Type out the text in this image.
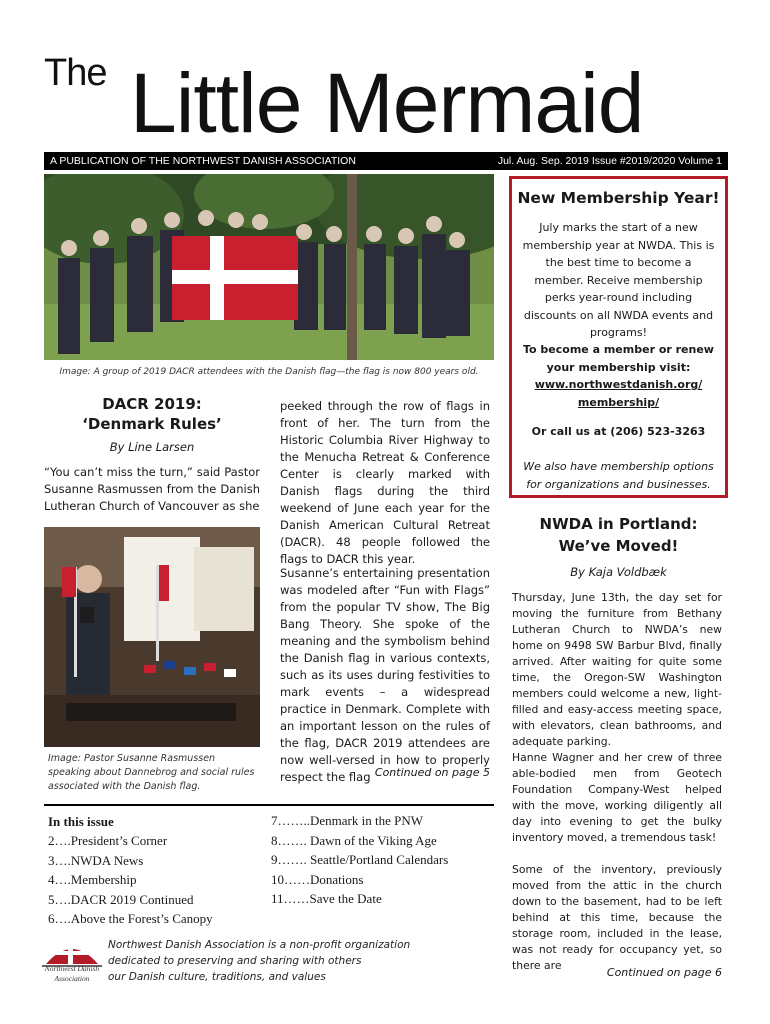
The Little Mermaid
A PUBLICATION OF THE NORTHWEST DANISH ASSOCIATION	Jul. Aug. Sep. 2019 Issue #2019/2020 Volume 1
Image: A group of 2019 DACR attendees with the Danish flag—the flag is now 800 years old.
DACR 2019:
‘Denmark Rules’
By Line Larsen
“You can’t miss the turn,” said Pastor Susanne Rasmussen from the Danish Lutheran Church of Vancouver as she
peeked through the row of flags in front of her. The turn from the Historic Columbia River Highway to the Menucha Retreat & Conference Center is clearly marked with Danish flags during the third weekend of June each year for the Danish American Cultural Retreat (DACR). 48 people followed the flags to DACR this year.
Susanne’s entertaining presentation was modeled after “Fun with Flags” from the popular TV show, The Big Bang Theory. She spoke of the meaning and the symbolism behind the Danish flag in various contexts, such as its uses during festivities to mark events – a widespread practice in Denmark. Complete with an important lesson on the rules of the flag, DACR 2019 attendees are now well-versed in how to properly respect the flag Continued on page 5
Image: Pastor Susanne Rasmussen speaking about Dannebrog and social rules associated with the Danish flag.
In this issue
2….President’s Corner
3….NWDA News
4….Membership
5….DACR 2019 Continued
6….Above the Forest’s Canopy
7……..Denmark in the PNW
8……. Dawn of the Viking Age
9……. Seattle/Portland Calendars
10……Donations
11……Save the Date
Northwest Danish
Association
Northwest Danish Association is a non-profit organization
dedicated to preserving and sharing with others
our Danish culture, traditions, and values
New Membership Year!
July marks the start of a new membership year at NWDA. This is the best time to become a member. Receive membership perks year-round including discounts on all NWDA events and programs!
To become a member or renew your membership visit:
www.northwestdanish.org/
membership/
Or call us at (206) 523-3263
We also have membership options for organizations and businesses.
NWDA in Portland:
We’ve Moved!
By Kaja Voldbæk
Thursday, June 13th, the day set for moving the furniture from Bethany Lutheran Church to NWDA’s new home on 9498 SW Barbur Blvd, finally arrived. After waiting for quite some time, the Oregon-SW Washington members could welcome a new, light-filled and easy-access meeting space, with elevators, clean bathrooms, and adequate parking.
Hanne Wagner and her crew of three able-bodied men from Geotech Foundation Company-West helped with the move, working diligently all day into evening to get the bulky inventory moved, a tremendous task!
Some of the inventory, previously moved from the attic in the church down to the basement, had to be left behind at this time, because the storage room, included in the lease, was not ready for occupancy yet, so there are
Continued on page 6
